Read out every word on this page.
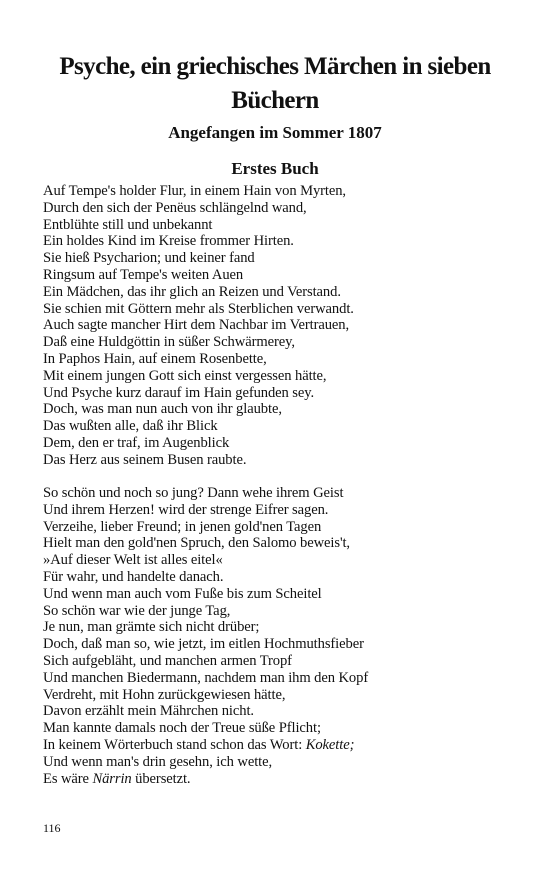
Psyche, ein griechisches Märchen in sieben Büchern
Angefangen im Sommer 1807
Erstes Buch
Auf Tempe's holder Flur, in einem Hain von Myrten,
Durch den sich der Penëus schlängelnd wand,
Entblühte still und unbekannt
Ein holdes Kind im Kreise frommer Hirten.
Sie hieß Psycharion; und keiner fand
Ringsum auf Tempe's weiten Auen
Ein Mädchen, das ihr glich an Reizen und Verstand.
Sie schien mit Göttern mehr als Sterblichen verwandt.
Auch sagte mancher Hirt dem Nachbar im Vertrauen,
Daß eine Huldgöttin in süßer Schwärmerey,
In Paphos Hain, auf einem Rosenbette,
Mit einem jungen Gott sich einst vergessen hätte,
Und Psyche kurz darauf im Hain gefunden sey.
Doch, was man nun auch von ihr glaubte,
Das wußten alle, daß ihr Blick
Dem, den er traf, im Augenblick
Das Herz aus seinem Busen raubte.
So schön und noch so jung? Dann wehe ihrem Geist
Und ihrem Herzen! wird der strenge Eifrer sagen.
Verzeihe, lieber Freund; in jenen gold'nen Tagen
Hielt man den gold'nen Spruch, den Salomo beweis't,
»Auf dieser Welt ist alles eitel«
Für wahr, und handelte danach.
Und wenn man auch vom Fuße bis zum Scheitel
So schön war wie der junge Tag,
Je nun, man grämte sich nicht drüber;
Doch, daß man so, wie jetzt, im eitlen Hochmuthsfieber
Sich aufgebläht, und manchen armen Tropf
Und manchen Biedermann, nachdem man ihm den Kopf
Verdreht, mit Hohn zurückgewiesen hätte,
Davon erzählt mein Mährchen nicht.
Man kannte damals noch der Treue süße Pflicht;
In keinem Wörterbuch stand schon das Wort: Kokette;
Und wenn man's drin gesehn, ich wette,
Es wäre Närrin übersetzt.
116
